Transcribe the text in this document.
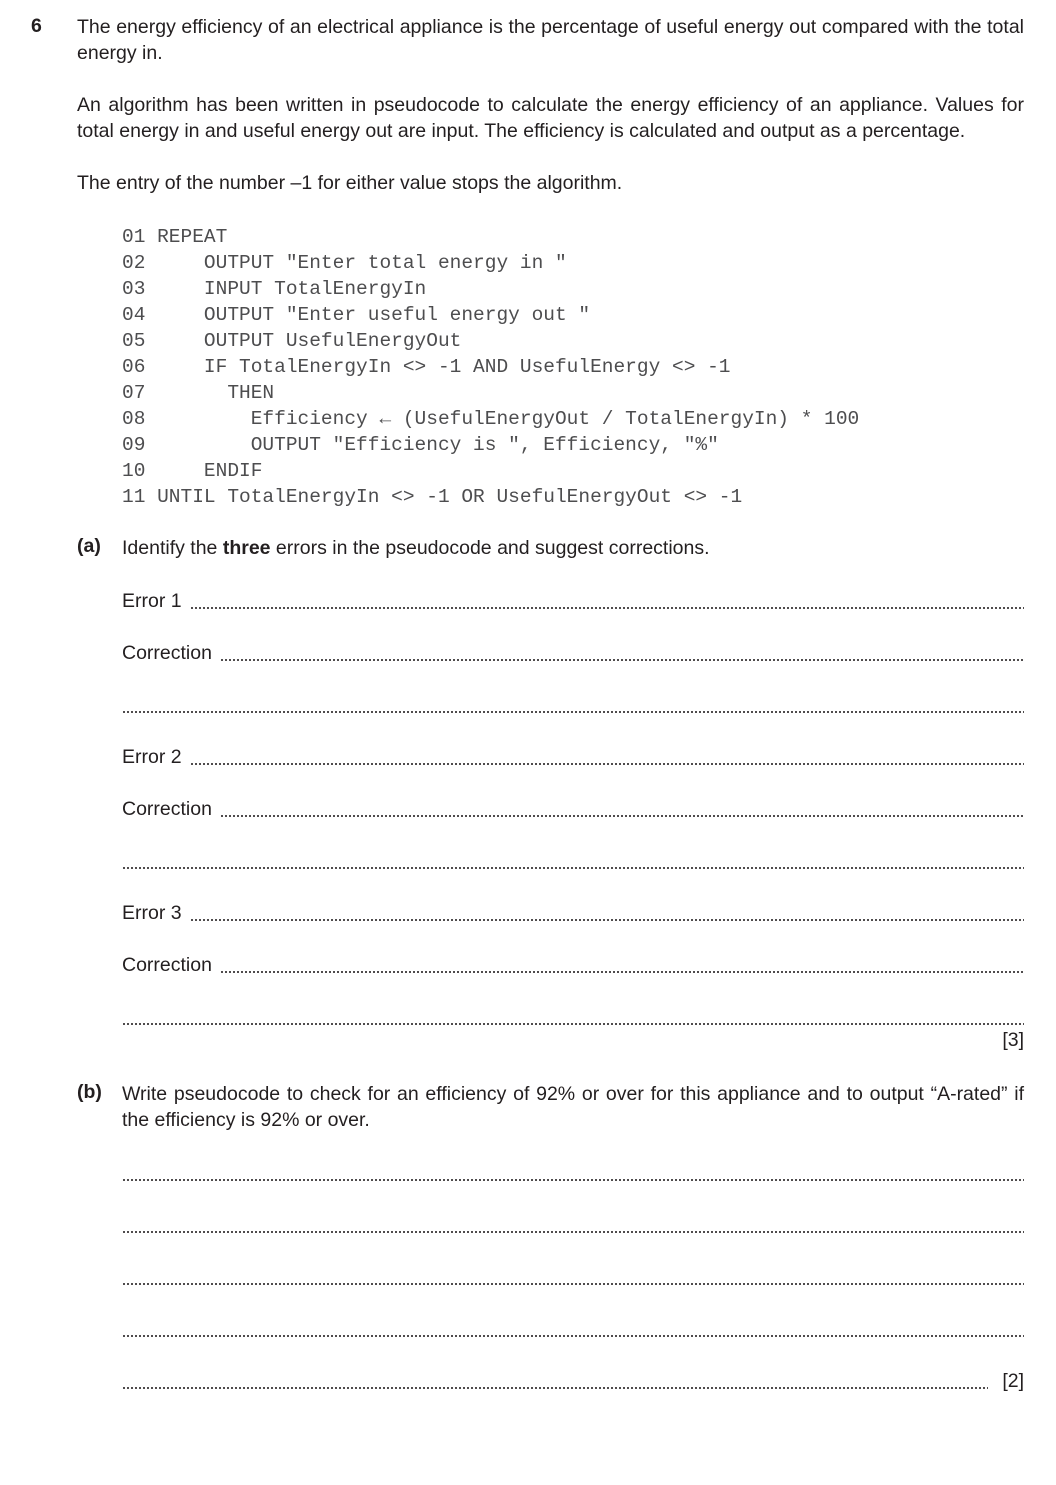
6 The energy efficiency of an electrical appliance is the percentage of useful energy out compared with the total energy in.

An algorithm has been written in pseudocode to calculate the energy efficiency of an appliance. Values for total energy in and useful energy out are input. The efficiency is calculated and output as a percentage.

The entry of the number –1 for either value stops the algorithm.

01 REPEAT
02     OUTPUT "Enter total energy in "
03     INPUT TotalEnergyIn
04     OUTPUT "Enter useful energy out "
05     OUTPUT UsefulEnergyOut
06     IF TotalEnergyIn <> -1 AND UsefulEnergy <> -1
07       THEN
08         Efficiency ← (UsefulEnergyOut / TotalEnergyIn) * 100
09         OUTPUT "Efficiency is ", Efficiency, "%"
10     ENDIF
11 UNTIL TotalEnergyIn <> -1 OR UsefulEnergyOut <> -1
(a) Identify the three errors in the pseudocode and suggest corrections.
Error 1
Correction
Error 2
Correction
Error 3
Correction
[3]
(b) Write pseudocode to check for an efficiency of 92% or over for this appliance and to output “A-rated” if the efficiency is 92% or over.
[2]
